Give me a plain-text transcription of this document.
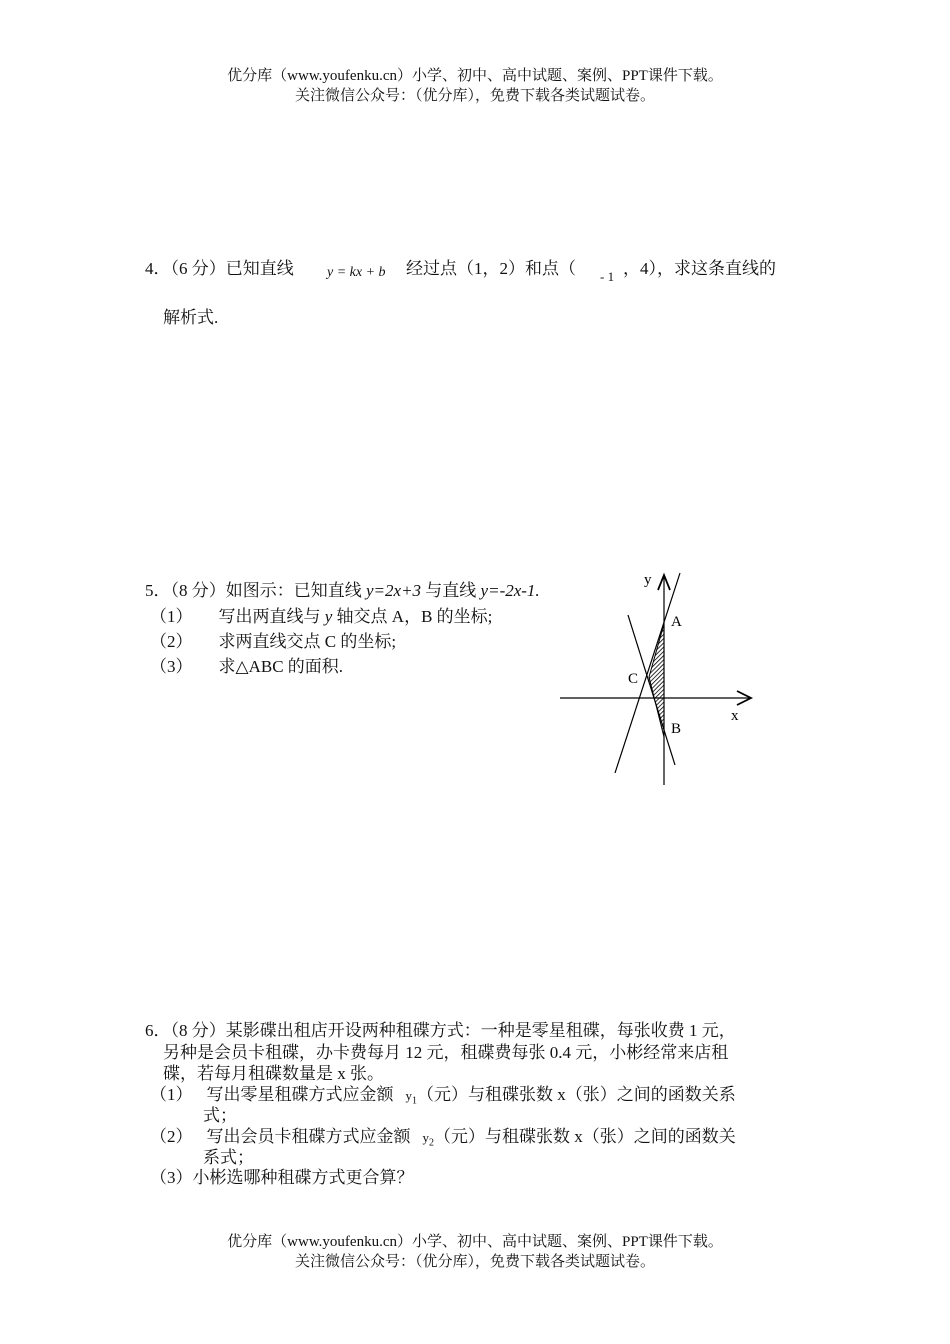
优分库（www.youfenku.cn）小学、初中、高中试题、案例、PPT课件下载。
关注微信公众号：（优分库），免费下载各类试题试卷。
4．（6 分）已知直线 y = kx + b 经过点（1，2）和点（ - 1 ，4），求这条直线的
解析式.
5．（8 分）如图示：已知直线 y=2x+3 与直线 y=-2x-1.
（1） 写出两直线与 y 轴交点 A，B 的坐标;
（2） 求两直线交点 C 的坐标;
（3） 求△ABC 的面积.
y
x
A
B
C
6．（8 分）某影碟出租店开设两种租碟方式：一种是零星租碟，每张收费 1 元，
另种是会员卡租碟，办卡费每月 12 元，租碟费每张 0.4 元，小彬经常来店租
碟，若每月租碟数量是 x 张。
（1） 写出零星租碟方式应金额 $y_1$（元）与租碟张数 x（张）之间的函数关系
式；
（2） 写出会员卡租碟方式应金额 $y_2$（元）与租碟张数 x（张）之间的函数关
系式；
（3）小彬选哪种租碟方式更合算？
优分库（www.youfenku.cn）小学、初中、高中试题、案例、PPT课件下载。
关注微信公众号：（优分库），免费下载各类试题试卷。
